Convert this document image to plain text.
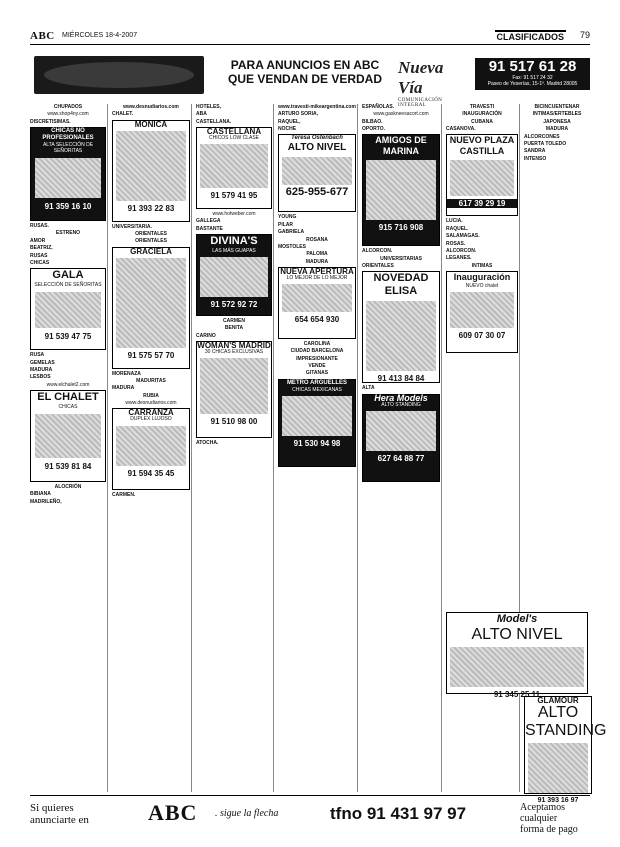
ABC MIÉRCOLES 18-4-2007	CLASIFICADOS 79
PARA ANUNCIOS EN ABC QUE VENDAN DE VERDAD
Nueva Vía
COMUNICACIÓN INTEGRAL
91 517 61 28
Fax: 91 517 24 32
Paseo de Yeserías, 15-1º. Madrid 28005

CHUPADOS

www.shop4ny.com

DISCRETISIMAS.

CHICAS NO PROFESIONALES
ALTA SELECCIÓN DE SEÑORITAS
91 359 16 10

RUSAS.

ESTRENO

AMOR

BEATRIZ,

RUSAS

CHICAS

GALA
SELECCIÓN DE SEÑORITAS
91 539 47 75

RUSA

GEMELAS

MADURA

LESBOS

www.elchalet2.com

EL CHALET
CHICAS
91 539 81 84

ALOCRIÓN

BIBIANA

MADRILEÑO,

www.desnudiarios.com

CHALET.

MONICA
91 393 22 83

UNIVERSITARIA.

ORIENTALES

ORIENTALES

GRACIELA
91 575 57 70

MORENAZA

MADURITAS

MADURA

RUBIA

www.desnudiarios.com

CARRANZA
DUPLEX LUJOSO
91 594 35 45

CARMEN.

HOTELES,

ABA

CASTELLANA.

CASTELLANA
CHICOS LOW CLASE
91 579 41 95

www.hotweber.com

GALLEGA

BASTANTE

DIVINA'S
LAS MÁS GUAPAS
91 572 92 72

CARMEN

BENITA

CARINO

WOMAN'S MADRID
30 CHICAS EXCLUSIVAS
91 510 98 00

ATOCHA.

www.travesti-mikeargentina.com

ARTURO SORIA,

RAQUEL,

NOCHE

Teresa Ostenbach
ALTO NIVEL
625-955-677

YOUNG

PILAR

GABRIELA

ROSANA

MOSTOLES

PALOMA

MADURA

NUEVA APERTURA
LO MEJOR DE LO MEJOR
654 654 930

CAROLINA

CIUDAD BARCELONA

IMPRESIONANTE

VENDE

GITANAS

METRO ARGÜELLES
CHICAS MEXICANAS
91 530 94 98

ESPAÑOLAS.

www.gaskneesacort.com

BILBAO.

OPORTO.

AMIGOS DE MARINA
915 716 908

ALCORCON.

UNIVERSITARIAS

ORIENTALES

NOVEDAD ELISA
91 413 84 84

ALTA

Hera Models
ALTO STANDING
627 64 88 77

TRAVESTI

INAUGURACIÓN

CUBANA

CASANOVA.

NUEVO PLAZA CASTILLA
617 39 29 19

LUCIA.

RAQUEL.

SALAMAGAS.

ROSAS.

ALCORCON.

LEGANES.

INTIMAS

Inauguración
NUEVO chalet
609 07 30 07
Model's
ALTO NIVEL
91 345 25 11

BICINCUENTENAR

INTIMAS/ERTEBLES

JAPONESA

MADURA

ALCORCONES

PUERTA TOLEDO

SANDRA

INTENSO

GLAMOUR
ALTO STANDING
91 393 16 97
Si quieres
anunciarte en	ABC . sigue la flecha	tfno 91 431 97 97	Aceptamos cualquier
forma de pago
